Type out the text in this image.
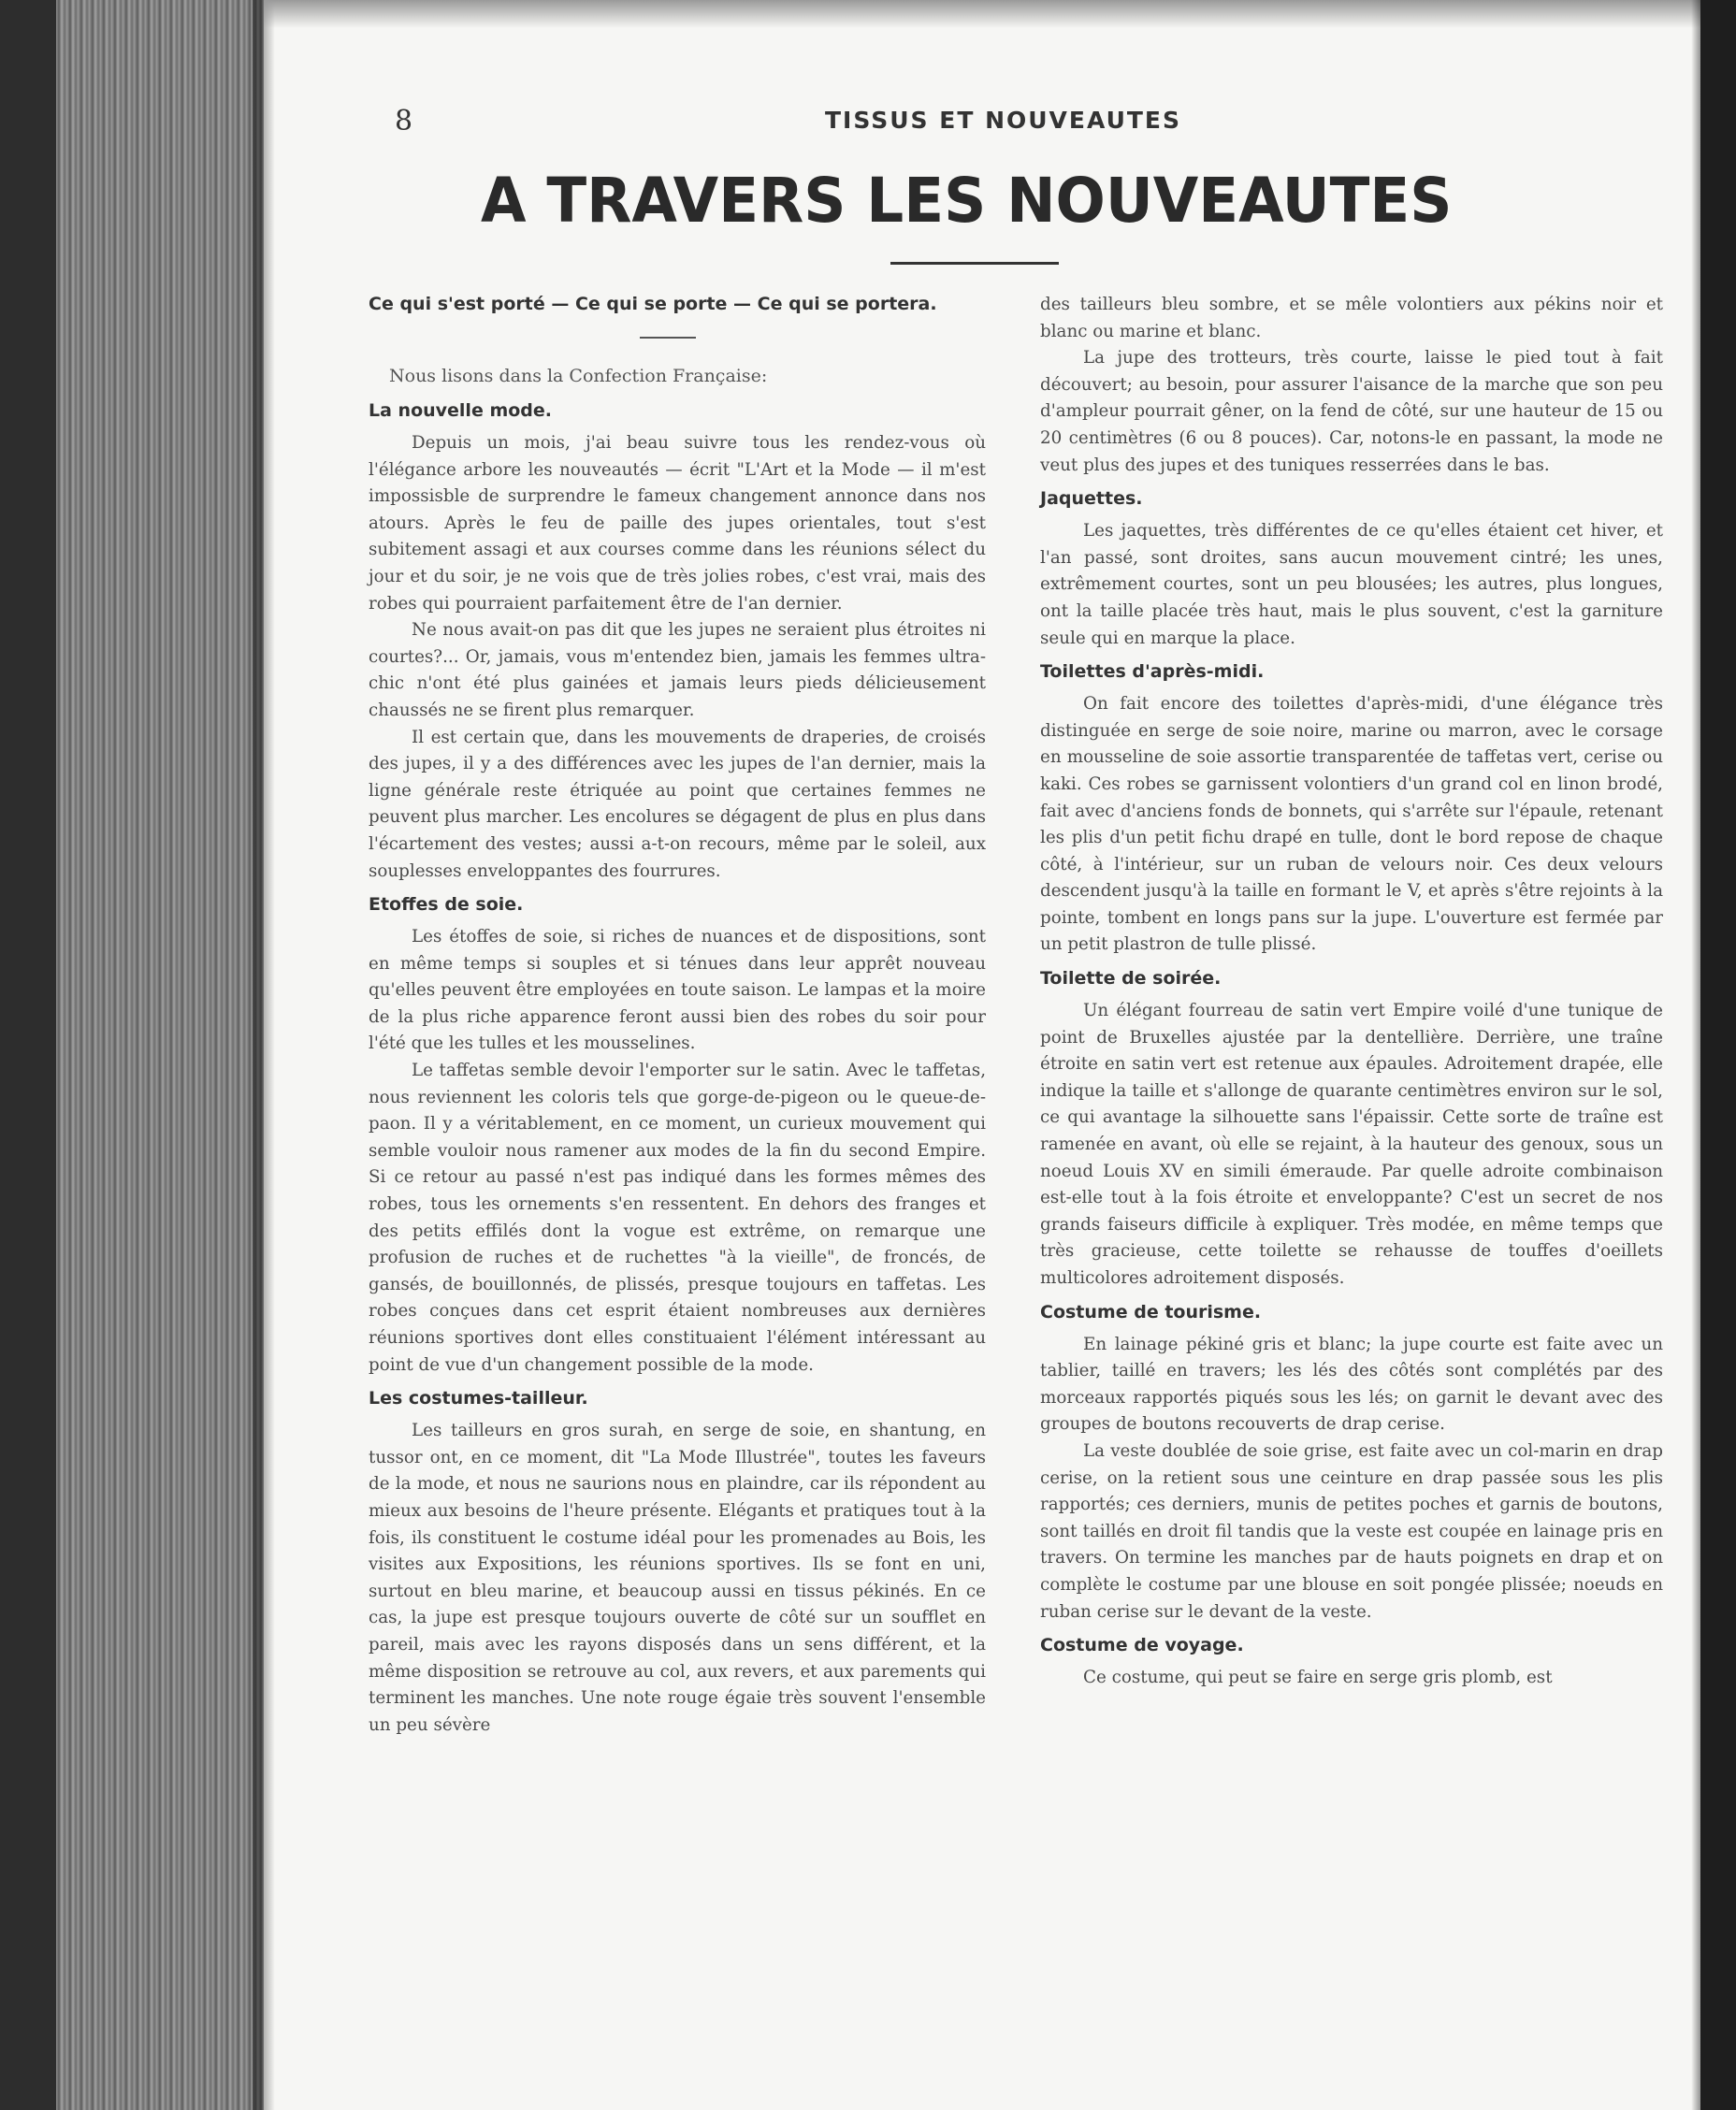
8	TISSUS ET NOUVEAUTES
A TRAVERS LES NOUVEAUTES

Ce qui s'est porté — Ce qui se porte — Ce qui se portera.

Nous lisons dans la Confection Française:

La nouvelle mode.

Depuis un mois, j'ai beau suivre tous les rendez-vous où l'élégance arbore les nouveautés — écrit "L'Art et la Mode — il m'est impossisble de surprendre le fameux changement annonce dans nos atours. Après le feu de paille des jupes orientales, tout s'est subitement assagi et aux courses comme dans les réunions sélect du jour et du soir, je ne vois que de très jolies robes, c'est vrai, mais des robes qui pourraient parfaitement être de l'an dernier.

Ne nous avait-on pas dit que les jupes ne seraient plus étroites ni courtes?... Or, jamais, vous m'entendez bien, jamais les femmes ultra-chic n'ont été plus gainées et jamais leurs pieds délicieusement chaussés ne se firent plus remarquer.

Il est certain que, dans les mouvements de draperies, de croisés des jupes, il y a des différences avec les jupes de l'an dernier, mais la ligne générale reste étriquée au point que certaines femmes ne peuvent plus marcher. Les encolures se dégagent de plus en plus dans l'écartement des vestes; aussi a-t-on recours, même par le soleil, aux souplesses enveloppantes des fourrures.

Etoffes de soie.

Les étoffes de soie, si riches de nuances et de dispositions, sont en même temps si souples et si ténues dans leur apprêt nouveau qu'elles peuvent être employées en toute saison. Le lampas et la moire de la plus riche apparence feront aussi bien des robes du soir pour l'été que les tulles et les mousselines.

Le taffetas semble devoir l'emporter sur le satin. Avec le taffetas, nous reviennent les coloris tels que gorge-de-pigeon ou le queue-de-paon. Il y a véritablement, en ce moment, un curieux mouvement qui semble vouloir nous ramener aux modes de la fin du second Empire. Si ce retour au passé n'est pas indiqué dans les formes mêmes des robes, tous les ornements s'en ressentent. En dehors des franges et des petits effilés dont la vogue est extrême, on remarque une profusion de ruches et de ruchettes "à la vieille", de froncés, de gansés, de bouillonnés, de plissés, presque toujours en taffetas. Les robes conçues dans cet esprit étaient nombreuses aux dernières réunions sportives dont elles constituaient l'élément intéressant au point de vue d'un changement possible de la mode.

Les costumes-tailleur.

Les tailleurs en gros surah, en serge de soie, en shantung, en tussor ont, en ce moment, dit "La Mode Illustrée", toutes les faveurs de la mode, et nous ne saurions nous en plaindre, car ils répondent au mieux aux besoins de l'heure présente. Elégants et pratiques tout à la fois, ils constituent le costume idéal pour les promenades au Bois, les visites aux Expositions, les réunions sportives. Ils se font en uni, surtout en bleu marine, et beaucoup aussi en tissus pékinés. En ce cas, la jupe est presque toujours ouverte de côté sur un soufflet en pareil, mais avec les rayons disposés dans un sens différent, et la même disposition se retrouve au col, aux revers, et aux parements qui terminent les manches. Une note rouge égaie très souvent l'ensemble un peu sévère

des tailleurs bleu sombre, et se mêle volontiers aux pékins noir et blanc ou marine et blanc.

La jupe des trotteurs, très courte, laisse le pied tout à fait découvert; au besoin, pour assurer l'aisance de la marche que son peu d'ampleur pourrait gêner, on la fend de côté, sur une hauteur de 15 ou 20 centimètres (6 ou 8 pouces). Car, notons-le en passant, la mode ne veut plus des jupes et des tuniques resserrées dans le bas.

Jaquettes.

Les jaquettes, très différentes de ce qu'elles étaient cet hiver, et l'an passé, sont droites, sans aucun mouvement cintré; les unes, extrêmement courtes, sont un peu blousées; les autres, plus longues, ont la taille placée très haut, mais le plus souvent, c'est la garniture seule qui en marque la place.

Toilettes d'après-midi.

On fait encore des toilettes d'après-midi, d'une élégance très distinguée en serge de soie noire, marine ou marron, avec le corsage en mousseline de soie assortie transparentée de taffetas vert, cerise ou kaki. Ces robes se garnissent volontiers d'un grand col en linon brodé, fait avec d'anciens fonds de bonnets, qui s'arrête sur l'épaule, retenant les plis d'un petit fichu drapé en tulle, dont le bord repose de chaque côté, à l'intérieur, sur un ruban de velours noir. Ces deux velours descendent jusqu'à la taille en formant le V, et après s'être rejoints à la pointe, tombent en longs pans sur la jupe. L'ouverture est fermée par un petit plastron de tulle plissé.

Toilette de soirée.

Un élégant fourreau de satin vert Empire voilé d'une tunique de point de Bruxelles ajustée par la dentellière. Derrière, une traîne étroite en satin vert est retenue aux épaules. Adroitement drapée, elle indique la taille et s'allonge de quarante centimètres environ sur le sol, ce qui avantage la silhouette sans l'épaissir. Cette sorte de traîne est ramenée en avant, où elle se rejaint, à la hauteur des genoux, sous un noeud Louis XV en simili émeraude. Par quelle adroite combinaison est-elle tout à la fois étroite et enveloppante? C'est un secret de nos grands faiseurs difficile à expliquer. Très modée, en même temps que très gracieuse, cette toilette se rehausse de touffes d'oeillets multicolores adroitement disposés.

Costume de tourisme.

En lainage pékiné gris et blanc; la jupe courte est faite avec un tablier, taillé en travers; les lés des côtés sont complétés par des morceaux rapportés piqués sous les lés; on garnit le devant avec des groupes de boutons recouverts de drap cerise.

La veste doublée de soie grise, est faite avec un col-marin en drap cerise, on la retient sous une ceinture en drap passée sous les plis rapportés; ces derniers, munis de petites poches et garnis de boutons, sont taillés en droit fil tandis que la veste est coupée en lainage pris en travers. On termine les manches par de hauts poignets en drap et on complète le costume par une blouse en soit pongée plissée; noeuds en ruban cerise sur le devant de la veste.

Costume de voyage.

Ce costume, qui peut se faire en serge gris plomb, est
